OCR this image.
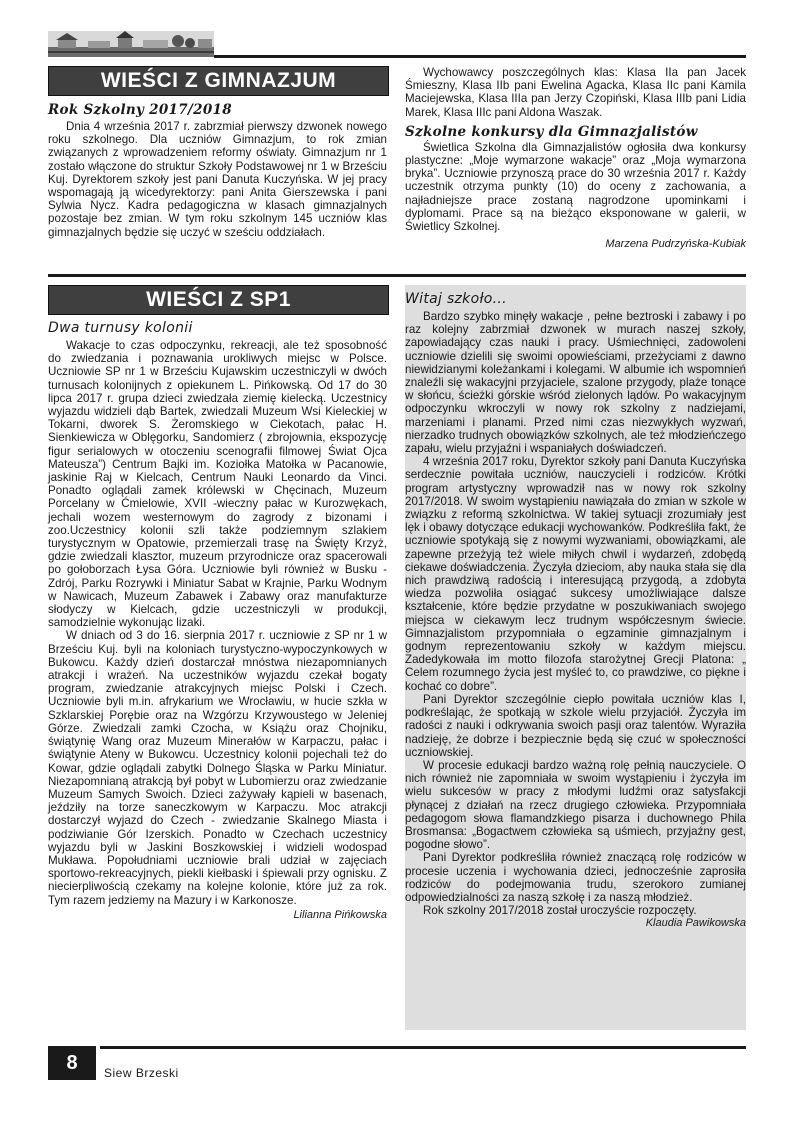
WIEŚCI Z GIMNAZJUM

Rok Szkolny 2017/2018

Dnia 4 września 2017 r. zabrzmiał pierwszy dzwonek nowego roku szkolnego. Dla uczniów Gimnazjum, to rok zmian związanych z wprowadzeniem reformy oświaty. Gimnazjum nr 1 zostało włączone do struktur Szkoły Podstawowej nr 1 w Brześciu Kuj. Dyrektorem szkoły jest pani Danuta Kuczyńska. W jej pracy wspomagają ją wicedyrektorzy: pani Anita Gierszewska i pani Sylwia Nycz. Kadra pedagogiczna w klasach gimnazjalnych pozostaje bez zmian. W tym roku szkolnym 145 uczniów klas gimnazjalnych będzie się uczyć w sześciu oddziałach.

Wychowawcy poszczególnych klas: Klasa IIa pan Jacek Śmieszny, Klasa IIb pani Ewelina Agacka, Klasa IIc pani Kamila Maciejewska, Klasa IIIa pan Jerzy Czopiński, Klasa IIIb pani Lidia Marek, Klasa IIIc pani Aldona Waszak.

Szkolne konkursy dla Gimnazjalistów

Świetlica Szkolna dla Gimnazjalistów ogłosiła dwa konkursy plastyczne: „Moje wymarzone wakacje” oraz „Moja wymarzona bryka”. Uczniowie przynoszą prace do 30 września 2017 r. Każdy uczestnik otrzyma punkty (10) do oceny z zachowania, a najładniejsze prace zostaną nagrodzone upominkami i dyplomami. Prace są na bieżąco eksponowane w galerii, w Świetlicy Szkolnej.

Marzena Pudrzyńska-Kubiak

WIEŚCI Z SP1

Dwa turnusy kolonii

Wakacje to czas odpoczynku, rekreacji, ale też sposobność do zwiedzania i poznawania urokliwych miejsc w Polsce. Uczniowie SP nr 1 w Brześciu Kujawskim uczestniczyli w dwóch turnusach kolonijnych z opiekunem L. Pińkowską. Od 17 do 30 lipca 2017 r. grupa dzieci zwiedzała ziemię kielecką. Uczestnicy wyjazdu widzieli dąb Bartek, zwiedzali Muzeum Wsi Kieleckiej w Tokarni, dworek S. Żeromskiego w Ciekotach, pałac H. Sienkiewicza w Oblęgorku, Sandomierz ( zbrojownia, ekspozycję figur serialowych w otoczeniu scenografii filmowej Świat Ojca Mateusza”) Centrum Bajki im. Koziołka Matołka w Pacanowie, jaskinie Raj w Kielcach, Centrum Nauki Leonardo da Vinci. Ponadto oglądali zamek królewski w Chęcinach, Muzeum Porcelany w Ćmielowie, XVII -wieczny pałac w Kurozwękach, jechali wozem westernowym do zagrody z bizonami i zoo.Uczestnicy kolonii szli także podziemnym szlakiem turystycznym w Opatowie, przemierzali trasę na Święty Krzyż, gdzie zwiedzali klasztor, muzeum przyrodnicze oraz spacerowali po gołoborzach Łysa Góra. Uczniowie byli również w Busku - Zdrój, Parku Rozrywki i Miniatur Sabat w Krajnie, Parku Wodnym w Nawicach, Muzeum Zabawek i Zabawy oraz manufakturze słodyczy w Kielcach, gdzie uczestniczyli w produkcji, samodzielnie wykonując lizaki.

W dniach od 3 do 16. sierpnia 2017 r. uczniowie z SP nr 1 w Brześciu Kuj. byli na koloniach turystyczno-wypoczynkowych w Bukowcu. Każdy dzień dostarczał mnóstwa niezapomnianych atrakcji i wrażeń. Na uczestników wyjazdu czekał bogaty program, zwiedzanie atrakcyjnych miejsc Polski i Czech. Uczniowie byli m.in. afrykarium we Wrocławiu, w hucie szkła w Szklarskiej Porębie oraz na Wzgórzu Krzywoustego w Jeleniej Górze. Zwiedzali zamki Czocha, w Książu oraz Chojniku, świątynię Wang oraz Muzeum Minerałów w Karpaczu, pałac i świątynie Ateny w Bukowcu. Uczestnicy kolonii pojechali też do Kowar, gdzie oglądali zabytki Dolnego Śląska w Parku Miniatur. Niezapomnianą atrakcją był pobyt w Lubomierzu oraz zwiedzanie Muzeum Samych Swoich. Dzieci zażywały kąpieli w basenach, jeździły na torze saneczkowym w Karpaczu. Moc atrakcji dostarczył wyjazd do Czech - zwiedzanie Skalnego Miasta i podziwianie Gór Izerskich. Ponadto w Czechach uczestnicy wyjazdu byli w Jaskini Boszkowskiej i widzieli wodospad Mukława. Popołudniami uczniowie brali udział w zajęciach sportowo-rekreacyjnych, piekli kiełbaski i śpiewali przy ognisku. Z niecierpliwością czekamy na kolejne kolonie, które już za rok. Tym razem jedziemy na Mazury i w Karkonosze.

Lilianna Pińkowska

Witaj szkoło...

Bardzo szybko minęły wakacje , pełne beztroski i zabawy i po raz kolejny zabrzmiał dzwonek w murach naszej szkoły, zapowiadający czas nauki i pracy. Uśmiechnięci, zadowoleni uczniowie dzielili się swoimi opowieściami, przeżyciami z dawno niewidzianymi koleżankami i kolegami. W albumie ich wspomnień znaleźli się wakacyjni przyjaciele, szalone przygody, plaże tonące w słońcu, ścieżki górskie wśród zielonych lądów. Po wakacyjnym odpoczynku wkroczyli w nowy rok szkolny z nadziejami, marzeniami i planami. Przed nimi czas niezwykłych wyzwań, nierzadko trudnych obowiązków szkolnych, ale też młodzieńczego zapału, wielu przyjaźni i wspaniałych doświadczeń.

4 września 2017 roku, Dyrektor szkoły pani Danuta Kuczyńska serdecznie powitała uczniów, nauczycieli i rodziców. Krótki program artystyczny wprowadził nas w nowy rok szkolny 2017/2018. W swoim wystąpieniu nawiązała do zmian w szkole w związku z reformą szkolnictwa. W takiej sytuacji zrozumiały jest lęk i obawy dotyczące edukacji wychowanków. Podkreśliła fakt, że uczniowie spotykają się z nowymi wyzwaniami, obowiązkami, ale zapewne przeżyją też wiele miłych chwil i wydarzeń, zdobędą ciekawe doświadczenia. Życzyła dzieciom, aby nauka stała się dla nich prawdziwą radością i interesującą przygodą, a zdobyta wiedza pozwoliła osiągać sukcesy umożliwiające dalsze kształcenie, które będzie przydatne w poszukiwaniach swojego miejsca w ciekawym lecz trudnym współczesnym świecie. Gimnazjalistom przypomniała o egzaminie gimnazjalnym i godnym reprezentowaniu szkoły w każdym miejscu. Zadedykowała im motto filozofa starożytnej Grecji Platona: „ Celem rozumnego życia jest myśleć to, co prawdziwe, co piękne i kochać co dobre”.

Pani Dyrektor szczególnie ciepło powitała uczniów klas I, podkreślając, że spotkają w szkole wielu przyjaciół. Życzyła im radości z nauki i odkrywania swoich pasji oraz talentów. Wyraziła nadzieję, że dobrze i bezpiecznie będą się czuć w społeczności uczniowskiej.

W procesie edukacji bardzo ważną rolę pełnią nauczyciele. O nich również nie zapomniała w swoim wystąpieniu i życzyła im wielu sukcesów w pracy z młodymi ludźmi oraz satysfakcji płynącej z działań na rzecz drugiego człowieka. Przypomniała pedagogom słowa flamandzkiego pisarza i duchownego Phila Brosmansa: „Bogactwem człowieka są uśmiech, przyjaźny gest, pogodne słowo”.

Pani Dyrektor podkreśliła również znaczącą rolę rodziców w procesie uczenia i wychowania dzieci, jednocześnie zaprosiła rodziców do podejmowania trudu, szerokoro zumianej odpowiedzialności za naszą szkołę i za naszą młodzież.

Rok szkolny 2017/2018 został uroczyście rozpoczęty.

Klaudia Pawikowska

8	Siew Brzeski
